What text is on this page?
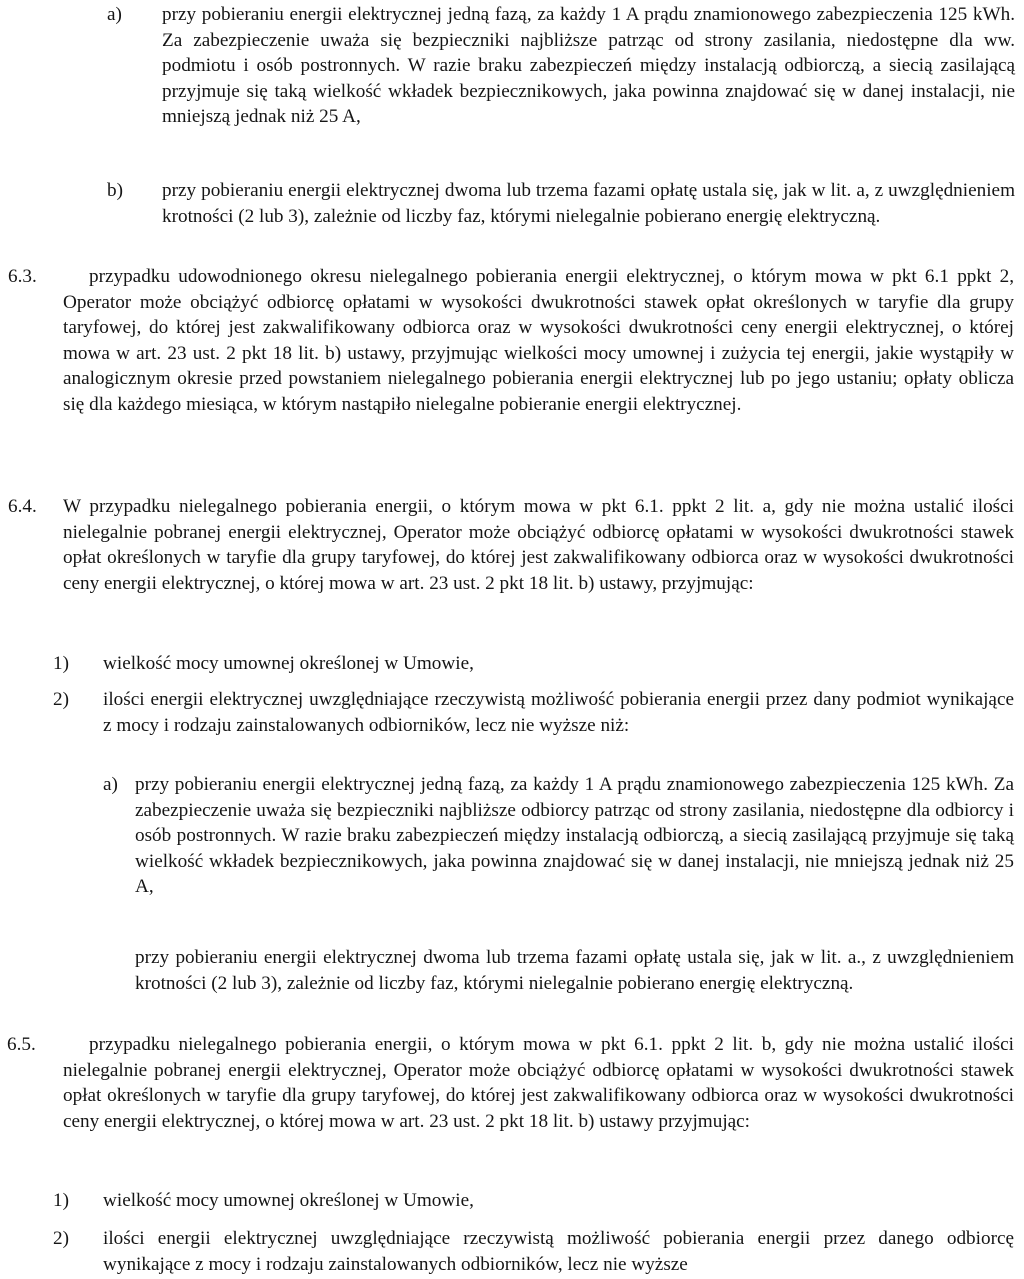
a) przy pobieraniu energii elektrycznej jedną fazą, za każdy 1 A prądu znamionowego zabezpieczenia 125 kWh. Za zabezpieczenie uważa się bezpieczniki najbliższe patrząc od strony zasilania, niedostępne dla ww. podmiotu i osób postronnych. W razie braku zabezpieczeń między instalacją odbiorczą, a siecią zasilającą przyjmuje się taką wielkość wkładek bezpiecznikowych, jaka powinna znajdować się w danej instalacji, nie mniejszą jednak niż 25 A,
b) przy pobieraniu energii elektrycznej dwoma lub trzema fazami opłatę ustala się, jak w lit. a, z uwzględnieniem krotności (2 lub 3), zależnie od liczby faz, którymi nielegalnie pobierano energię elektryczną.
6.3.	przypadku udowodnionego okresu nielegalnego pobierania energii elektrycznej, o którym mowa w pkt 6.1 ppkt 2, Operator może obciążyć odbiorcę opłatami w wysokości dwukrotności stawek opłat określonych w taryfie dla grupy taryfowej, do której jest zakwalifikowany odbiorca oraz w wysokości dwukrotności ceny energii elektrycznej, o której mowa w art. 23 ust. 2 pkt 18 lit. b) ustawy, przyjmując wielkości mocy umownej i zużycia tej energii, jakie wystąpiły w analogicznym okresie przed powstaniem nielegalnego pobierania energii elektrycznej lub po jego ustaniu; opłaty oblicza się dla każdego miesiąca, w którym nastąpiło nielegalne pobieranie energii elektrycznej.
6.4. W przypadku nielegalnego pobierania energii, o którym mowa w pkt 6.1. ppkt 2 lit. a, gdy nie można ustalić ilości nielegalnie pobranej energii elektrycznej, Operator może obciążyć odbiorcę opłatami w wysokości dwukrotności stawek opłat określonych w taryfie dla grupy taryfowej, do której jest zakwalifikowany odbiorca oraz w wysokości dwukrotności ceny energii elektrycznej, o której mowa w art. 23 ust. 2 pkt 18 lit. b) ustawy, przyjmując:
1) wielkość mocy umownej określonej w Umowie,
2) ilości energii elektrycznej uwzględniające rzeczywistą możliwość pobierania energii przez dany podmiot wynikające z mocy i rodzaju zainstalowanych odbiorników, lecz nie wyższe niż:
a) przy pobieraniu energii elektrycznej jedną fazą, za każdy 1 A prądu znamionowego zabezpieczenia 125 kWh. Za zabezpieczenie uważa się bezpieczniki najbliższe odbiorcy patrząc od strony zasilania, niedostępne dla odbiorcy i osób postronnych. W razie braku zabezpieczeń między instalacją odbiorczą, a siecią zasilającą przyjmuje się taką wielkość wkładek bezpiecznikowych, jaka powinna znajdować się w danej instalacji, nie mniejszą jednak niż 25 A,
przy pobieraniu energii elektrycznej dwoma lub trzema fazami opłatę ustala się, jak w lit. a., z uwzględnieniem krotności (2 lub 3), zależnie od liczby faz, którymi nielegalnie pobierano energię elektryczną.
6.5.	przypadku nielegalnego pobierania energii, o którym mowa w pkt 6.1. ppkt 2 lit. b, gdy nie można ustalić ilości nielegalnie pobranej energii elektrycznej, Operator może obciążyć odbiorcę opłatami w wysokości dwukrotności stawek opłat określonych w taryfie dla grupy taryfowej, do której jest zakwalifikowany odbiorca oraz w wysokości dwukrotności ceny energii elektrycznej, o której mowa w art. 23 ust. 2 pkt 18 lit. b) ustawy przyjmując:
1) wielkość mocy umownej określonej w Umowie,
2) ilości energii elektrycznej uwzględniające rzeczywistą możliwość pobierania energii przez danego odbiorcę wynikające z mocy i rodzaju zainstalowanych odbiorników, lecz nie wyższe
